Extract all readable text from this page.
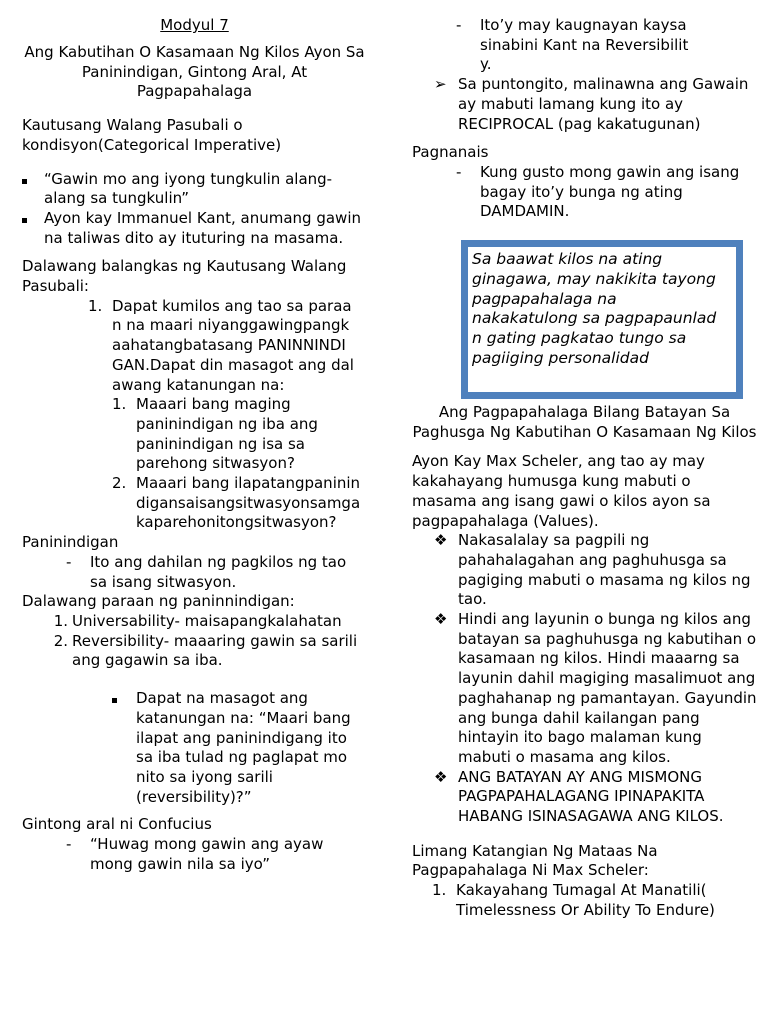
Modyul 7
Ang Kabutihan O Kasamaan Ng Kilos Ayon Sa Paninindigan, Gintong Aral, At Pagpapahalaga
Kautusang Walang Pasubali o kondisyon(Categorical Imperative)
“Gawin mo ang iyong tungkulin alang-alang sa tungkulin”
Ayon kay Immanuel Kant, anumang gawin na taliwas dito ay ituturing na masama.
Dalawang balangkas ng Kautusang Walang Pasubali:
1. Dapat kumilos ang tao sa paraan na maari niyanggawingpangkaahatangbatasang PANINNINDIGAN.Dapat din masagot ang dalawang katanungan na:
1. Maaari bang maging paninindigan ng iba ang paninindigan ng isa sa parehong sitwasyon?
2. Maaari bang ilapatangpaninindigansaisangsitwasyonsamgakaparehonitongsitwasyon?
Paninindigan
-	Ito ang dahilan ng pagkilos ng tao sa isang sitwasyon.
Dalawang paraan ng paninnindigan:
1. Universability- maisapangkalahatan
2. Reversibility- maaaring gawin sa sarili ang gagawin sa iba.
Dapat na masagot ang katanungan na: “Maari bang ilapat ang paninindigang ito sa iba tulad ng paglapat mo nito sa iyong sarili (reversibility)?”
Gintong aral ni Confucius
-	“Huwag mong gawin ang ayaw mong gawin nila sa iyo”
-	Ito’y may kaugnayan kaysasinabini Kant na Reversibility.
➢ Sa puntongito, malinawna ang Gawain ay mabuti lamang kung ito ay RECIPROCAL (pag kakatugunan)
Pagnanais
-	Kung gusto mong gawin ang isang bagay ito’y bunga ng ating DAMDAMIN.
Sa baawat kilos na ating ginagawa, may nakikita tayong pagpapahalaga na nakakatulong sa pagpapaunlad n gating pagkatao tungo sa pagiiging personalidad
Ang Pagpapahalaga Bilang Batayan Sa Paghusga Ng Kabutihan O Kasamaan Ng Kilos
Ayon Kay Max Scheler, ang tao ay may kakahayang humusga kung mabuti o masama ang isang gawi o kilos ayon sa pagpapahalaga (Values).
❖ Nakasalalay sa pagpili ng pahahalagahan ang paghuhusga sa pagiging mabuti o masama ng kilos ng tao.
❖ Hindi ang layunin o bunga ng kilos ang batayan sa paghuhusga ng kabutihan o kasamaan ng kilos. Hindi maaarng sa layunin dahil magiging masalimuot ang paghahanap ng pamantayan. Gayundin ang bunga dahil kailangan pang hintayin ito bago malaman kung mabuti o masama ang kilos.
❖ ANG BATAYAN AY ANG MISMONG PAGPAPAHALAGANG IPINAPAKITA HABANG ISINASAGAWA ANG KILOS.
Limang Katangian Ng Mataas Na Pagpapahalaga Ni Max Scheler:
1. Kakayahang Tumagal At Manatili( Timelessness Or Ability To Endure)
